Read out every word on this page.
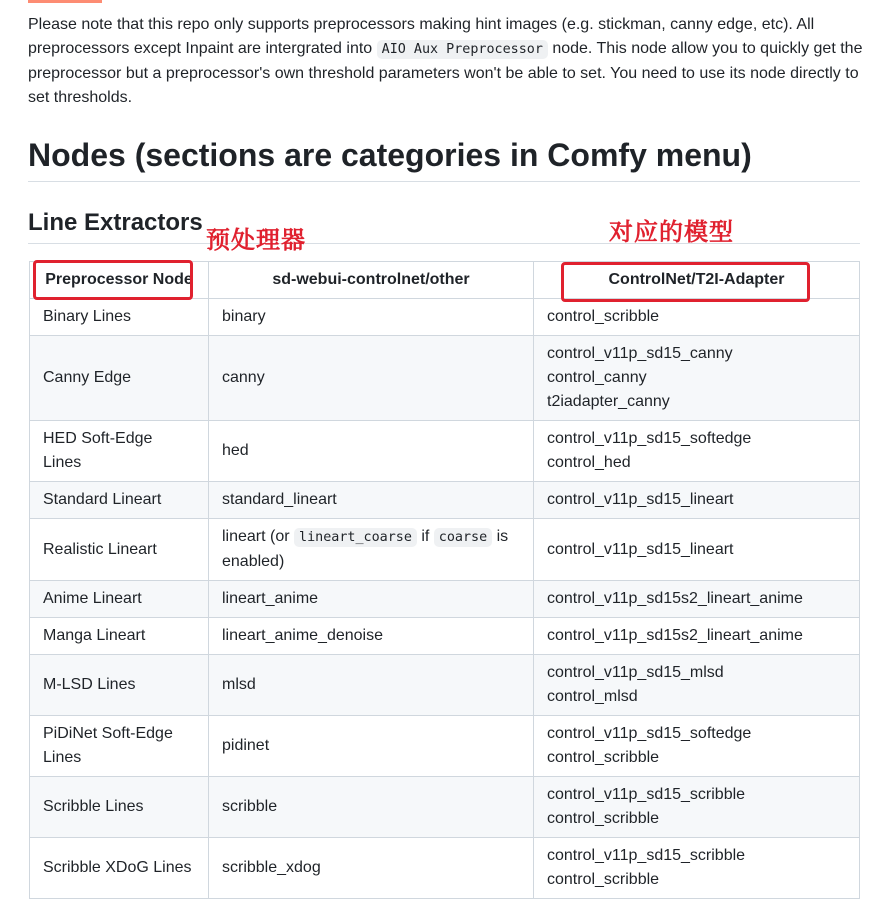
Please note that this repo only supports preprocessors making hint images (e.g. stickman, canny edge, etc). All preprocessors except Inpaint are intergrated into AIO Aux Preprocessor node. This node allow you to quickly get the preprocessor but a preprocessor's own threshold parameters won't be able to set. You need to use its node directly to set thresholds.

Nodes (sections are categories in Comfy menu)
Line Extractors
预处理器	对应的模型
Preprocessor Node	sd-webui-controlnet/other	ControlNet/T2I-Adapter
Binary Lines	binary	control_scribble

Canny Edge	canny	control_v11p_sd15_canny
control_canny
t2iadapter_canny

HED Soft-Edge Lines	hed	control_v11p_sd15_softedge
control_hed

Standard Lineart	standard_lineart	control_v11p_sd15_lineart

Realistic Lineart	lineart (or lineart_coarse if coarse is enabled)	control_v11p_sd15_lineart

Anime Lineart	lineart_anime	control_v11p_sd15s2_lineart_anime

Manga Lineart	lineart_anime_denoise	control_v11p_sd15s2_lineart_anime

M-LSD Lines	mlsd	control_v11p_sd15_mlsd
control_mlsd

PiDiNet Soft-Edge Lines	pidinet	control_v11p_sd15_softedge
control_scribble

Scribble Lines	scribble	control_v11p_sd15_scribble
control_scribble

Scribble XDoG Lines	scribble_xdog	control_v11p_sd15_scribble
control_scribble
